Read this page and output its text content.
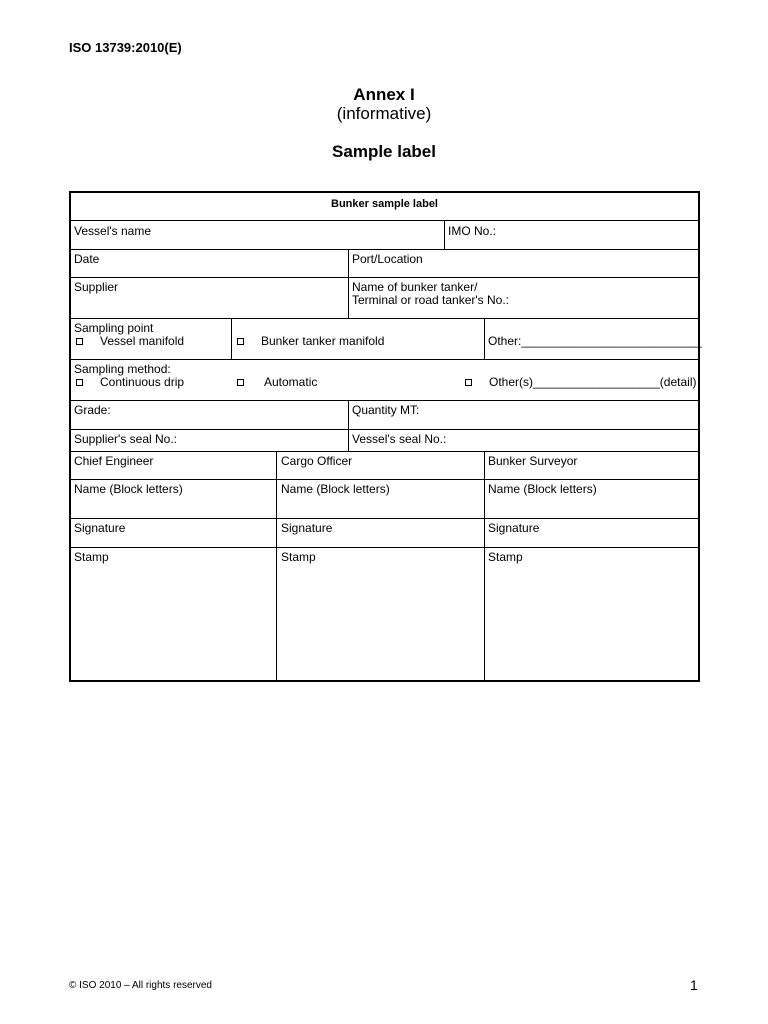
ISO 13739:2010(E)
Annex I
(informative)
Sample label
Bunker sample label
Vessel's name	IMO No.:
Date	Port/Location
Supplier	Name of bunker tanker/
Terminal or road tanker's No.:
Sampling point
Vessel manifold	Bunker tanker manifold	Other:___________________________
Sampling method:
Continuous drip	Automatic	Other(s)___________________(detail)
Grade:	Quantity MT:
Supplier's seal No.:	Vessel's seal No.:
Chief Engineer	Cargo Officer	Bunker Surveyor
Name (Block letters)	Name (Block letters)	Name (Block letters)
Signature	Signature	Signature
Stamp	Stamp	Stamp
© ISO 2010 – All rights reserved	1
